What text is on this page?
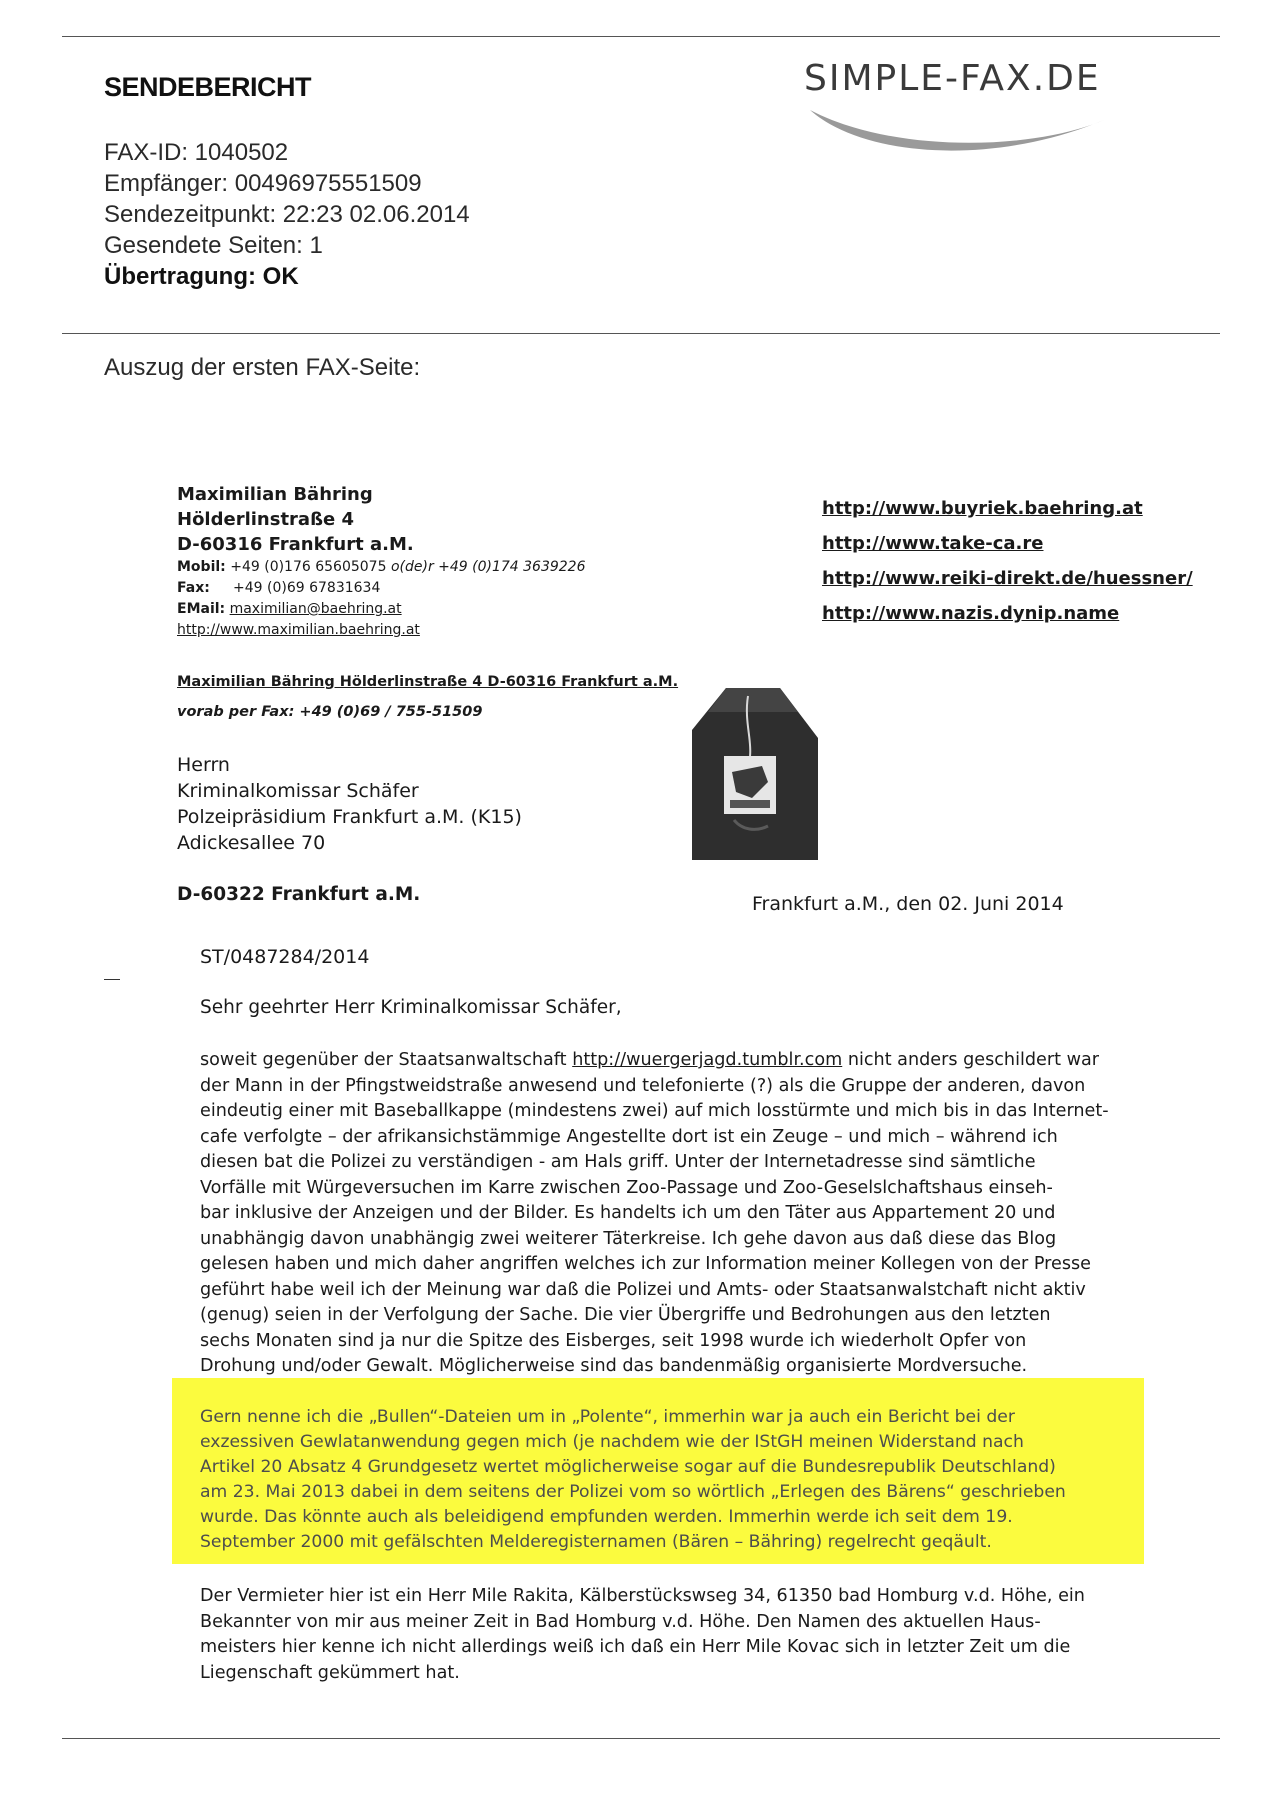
SENDEBERICHT	SIMPLE-FAX.DE
FAX-ID: 1040502
Empfänger: 00496975551509
Sendezeitpunkt: 22:23 02.06.2014
Gesendete Seiten: 1
Übertragung: OK
Auszug der ersten FAX-Seite:
Maximilian Bähring
Hölderlinstraße 4
D-60316 Frankfurt a.M.
Mobil: +49 (0)176 65605075 o(de)r +49 (0)174 3639226
Fax: +49 (0)69 67831634
EMail: maximilian@baehring.at
http://www.maximilian.baehring.at
http://www.buyriek.baehring.at
http://www.take-ca.re
http://www.reiki-direkt.de/huessner/
http://www.nazis.dynip.name
Maximilian Bähring Hölderlinstraße 4 D-60316 Frankfurt a.M.
vorab per Fax: +49 (0)69 / 755-51509
Herrn
Kriminalkomissar Schäfer
Polzeipräsidium Frankfurt a.M. (K15)
Adickesallee 70
D-60322 Frankfurt a.M.	Frankfurt a.M., den 02. Juni 2014
ST/0487284/2014
Sehr geehrter Herr Kriminalkomissar Schäfer,
soweit gegenüber der Staatsanwaltschaft http://wuergerjagd.tumblr.com nicht anders geschildert war
der Mann in der Pfingstweidstraße anwesend und telefonierte (?) als die Gruppe der anderen, davon
eindeutig einer mit Baseballkappe (mindestens zwei) auf mich losstürmte und mich bis in das Internet-
cafe verfolgte – der afrikansichstämmige Angestellte dort ist ein Zeuge – und mich – während ich
diesen bat die Polizei zu verständigen - am Hals griff. Unter der Internetadresse sind sämtliche
Vorfälle mit Würgeversuchen im Karre zwischen Zoo-Passage und Zoo-Geselslchaftshaus einseh-
bar inklusive der Anzeigen und der Bilder. Es handelts ich um den Täter aus Appartement 20 und
unabhängig davon unabhängig zwei weiterer Täterkreise. Ich gehe davon aus daß diese das Blog
gelesen haben und mich daher angriffen welches ich zur Information meiner Kollegen von der Presse
geführt habe weil ich der Meinung war daß die Polizei und Amts- oder Staatsanwalstchaft nicht aktiv
(genug) seien in der Verfolgung der Sache. Die vier Übergriffe und Bedrohungen aus den letzten
sechs Monaten sind ja nur die Spitze des Eisberges, seit 1998 wurde ich wiederholt Opfer von
Drohung und/oder Gewalt. Möglicherweise sind das bandenmäßig organisierte Mordversuche.
Gern nenne ich die „Bullen“-Dateien um in „Polente“, immerhin war ja auch ein Bericht bei der
exzessiven Gewlatanwendung gegen mich (je nachdem wie der IStGH meinen Widerstand nach
Artikel 20 Absatz 4 Grundgesetz wertet möglicherweise sogar auf die Bundesrepublik Deutschland)
am 23. Mai 2013 dabei in dem seitens der Polizei vom so wörtlich „Erlegen des Bärens“ geschrieben
wurde. Das könnte auch als beleidigend empfunden werden. Immerhin werde ich seit dem 19.
September 2000 mit gefälschten Melderegisternamen (Bären – Bähring) regelrecht geqäult.
Der Vermieter hier ist ein Herr Mile Rakita, Kälberstückswseg 34, 61350 bad Homburg v.d. Höhe, ein
Bekannter von mir aus meiner Zeit in Bad Homburg v.d. Höhe. Den Namen des aktuellen Haus-
meisters hier kenne ich nicht allerdings weiß ich daß ein Herr Mile Kovac sich in letzter Zeit um die
Liegenschaft gekümmert hat.
